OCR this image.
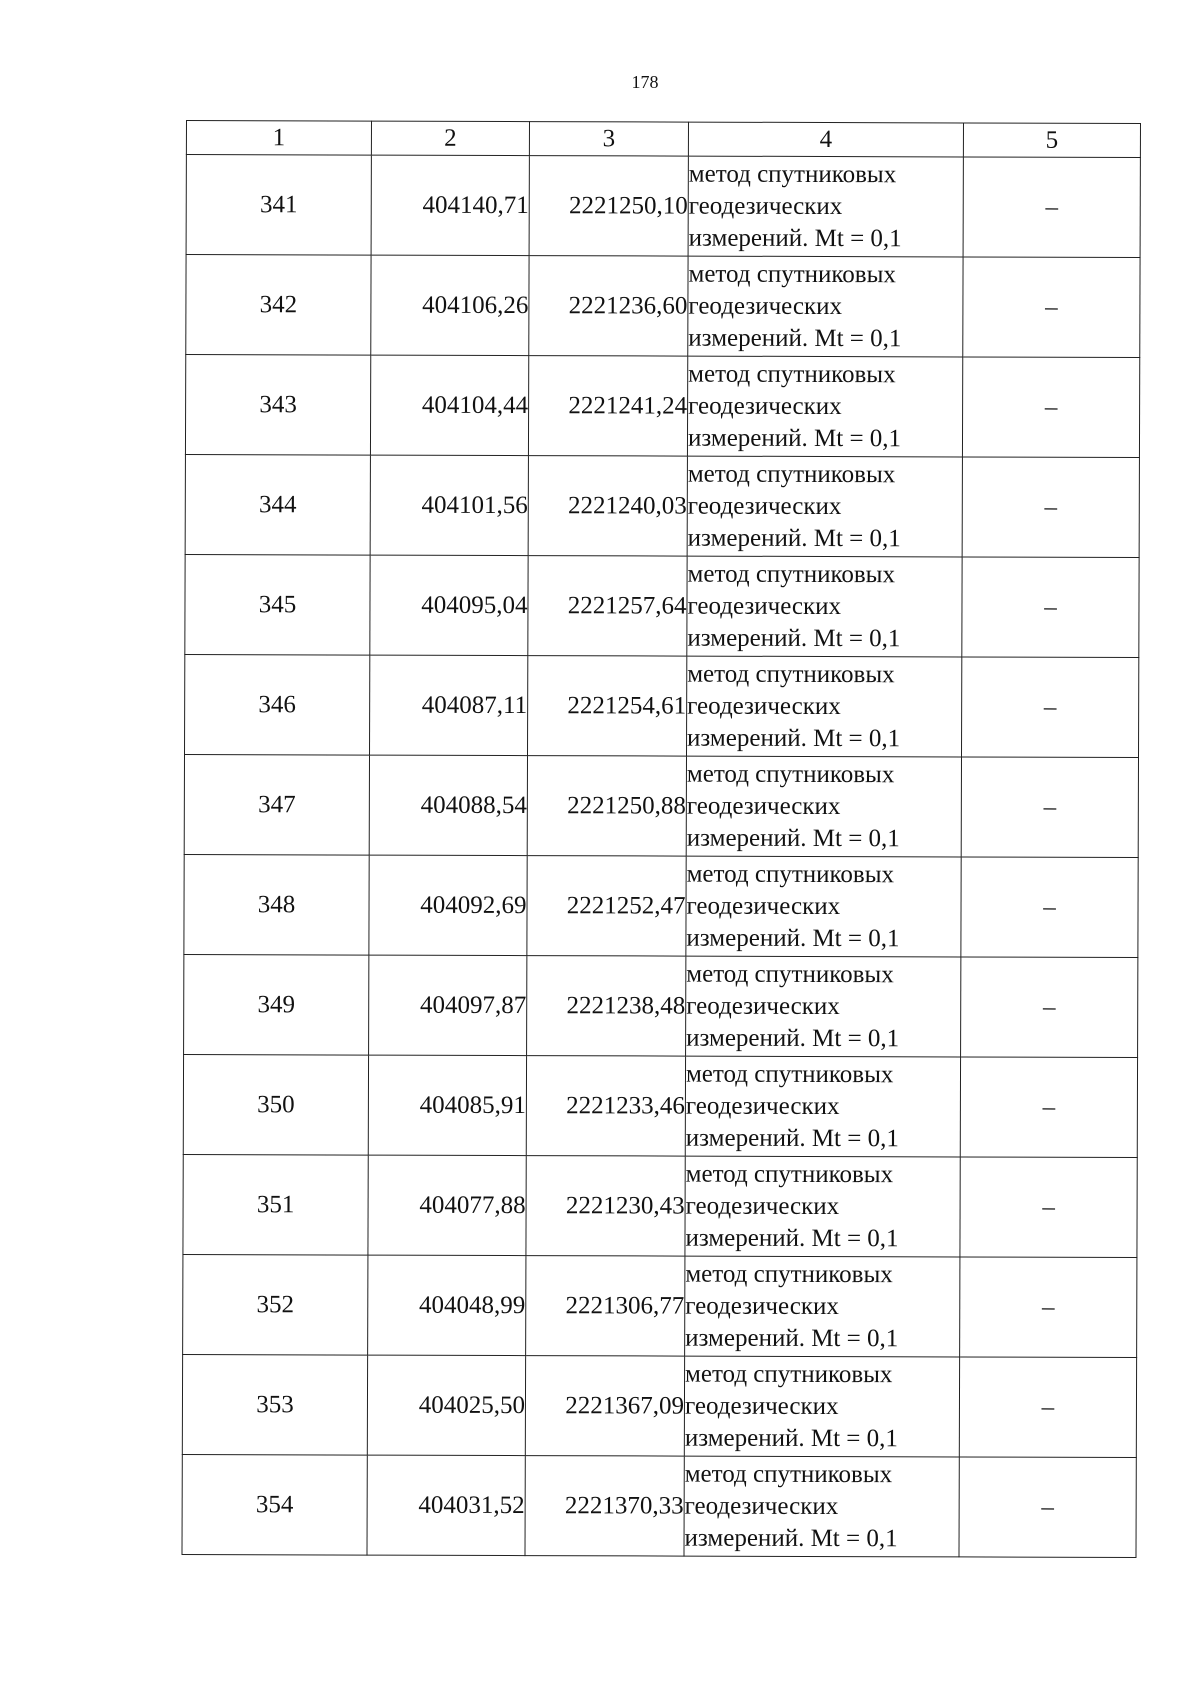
178
1	2	3	4	5
341	404140,71	2221250,10	метод спутниковых
геодезических
измерений. Mt = 0,1	–
342	404106,26	2221236,60	метод спутниковых
геодезических
измерений. Mt = 0,1	–
343	404104,44	2221241,24	метод спутниковых
геодезических
измерений. Mt = 0,1	–
344	404101,56	2221240,03	метод спутниковых
геодезических
измерений. Mt = 0,1	–
345	404095,04	2221257,64	метод спутниковых
геодезических
измерений. Mt = 0,1	–
346	404087,11	2221254,61	метод спутниковых
геодезических
измерений. Mt = 0,1	–
347	404088,54	2221250,88	метод спутниковых
геодезических
измерений. Mt = 0,1	–
348	404092,69	2221252,47	метод спутниковых
геодезических
измерений. Mt = 0,1	–
349	404097,87	2221238,48	метод спутниковых
геодезических
измерений. Mt = 0,1	–
350	404085,91	2221233,46	метод спутниковых
геодезических
измерений. Mt = 0,1	–
351	404077,88	2221230,43	метод спутниковых
геодезических
измерений. Mt = 0,1	–
352	404048,99	2221306,77	метод спутниковых
геодезических
измерений. Mt = 0,1	–
353	404025,50	2221367,09	метод спутниковых
геодезических
измерений. Mt = 0,1	–
354	404031,52	2221370,33	метод спутниковых
геодезических
измерений. Mt = 0,1	–
